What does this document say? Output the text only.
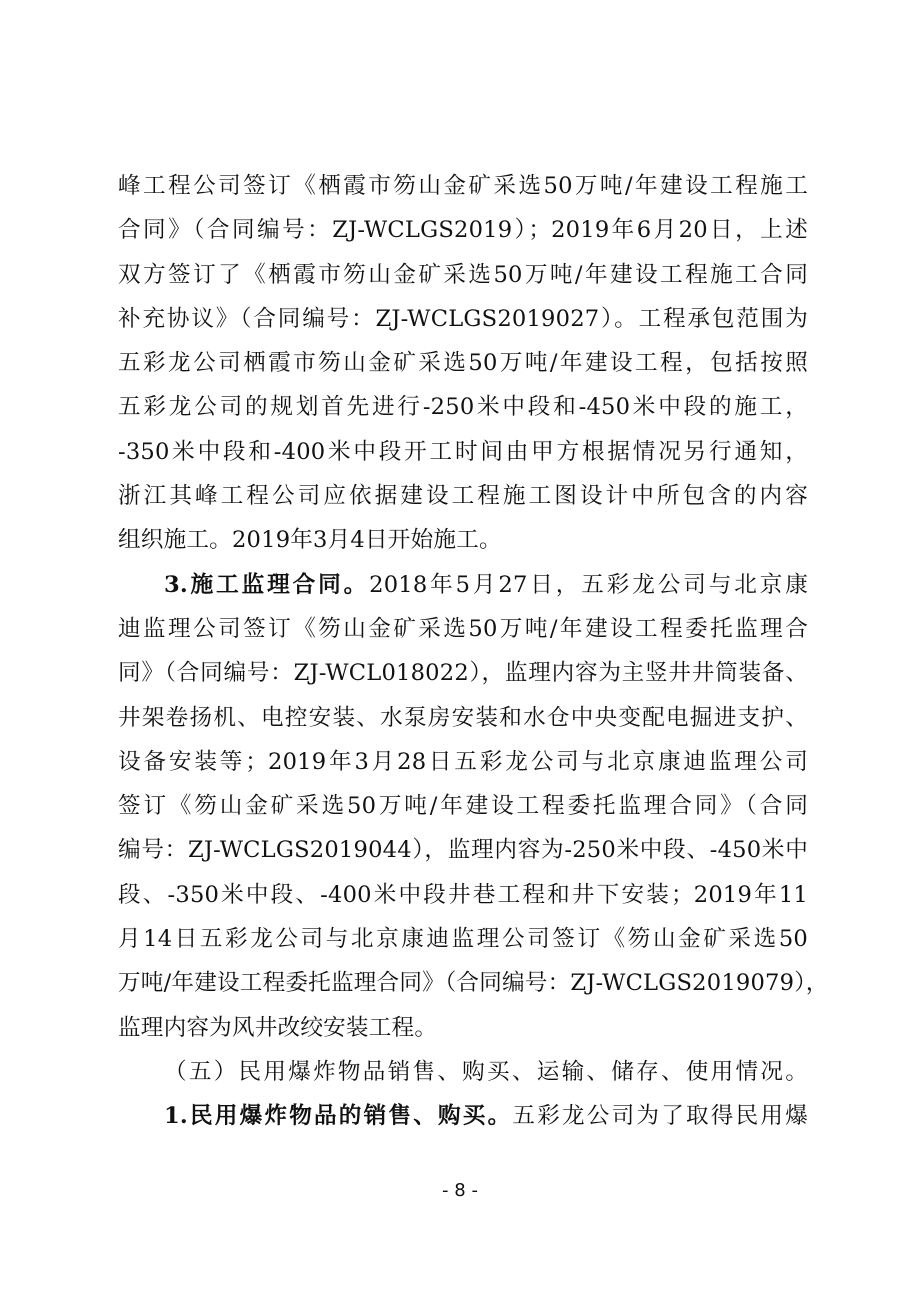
峰工程公司签订《栖霞市笏山金矿采选50万吨/年建设工程施工
合同》（合同编号：ZJ-WCLGS2019）；2019年6月20日，上述
双方签订了《栖霞市笏山金矿采选50万吨/年建设工程施工合同
补充协议》（合同编号：ZJ-WCLGS2019027）。工程承包范围为
五彩龙公司栖霞市笏山金矿采选50万吨/年建设工程，包括按照
五彩龙公司的规划首先进行-250米中段和-450米中段的施工，
-350米中段和-400米中段开工时间由甲方根据情况另行通知，
浙江其峰工程公司应依据建设工程施工图设计中所包含的内容
组织施工。2019年3月4日开始施工。
3.施工监理合同。2018年5月27日，五彩龙公司与北京康
迪监理公司签订《笏山金矿采选50万吨/年建设工程委托监理合
同》（合同编号：ZJ-WCL018022），监理内容为主竖井井筒装备、
井架卷扬机、电控安装、水泵房安装和水仓中央变配电掘进支护、
设备安装等；2019年3月28日五彩龙公司与北京康迪监理公司
签订《笏山金矿采选50万吨/年建设工程委托监理合同》（合同
编号：ZJ-WCLGS2019044），监理内容为-250米中段、-450米中
段、-350米中段、-400米中段井巷工程和井下安装；2019年11
月14日五彩龙公司与北京康迪监理公司签订《笏山金矿采选50
万吨/年建设工程委托监理合同》（合同编号：ZJ-WCLGS2019079），
监理内容为风井改绞安装工程。
（五）民用爆炸物品销售、购买、运输、储存、使用情况。
1.民用爆炸物品的销售、购买。五彩龙公司为了取得民用爆
- 8 -
